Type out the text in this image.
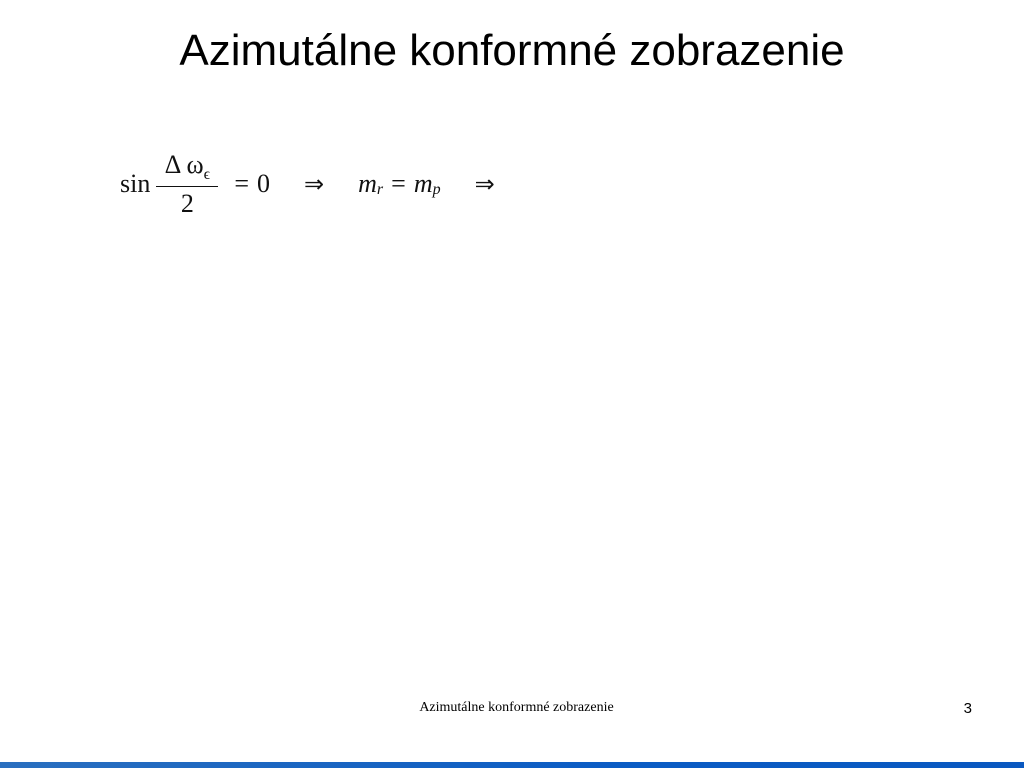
Azimutálne konformné zobrazenie
$\sin \frac{\Delta \omega_\epsilon}{2} = 0$ ⇒ m r = m p ⇒
Azimutálne konformné zobrazenie	3
